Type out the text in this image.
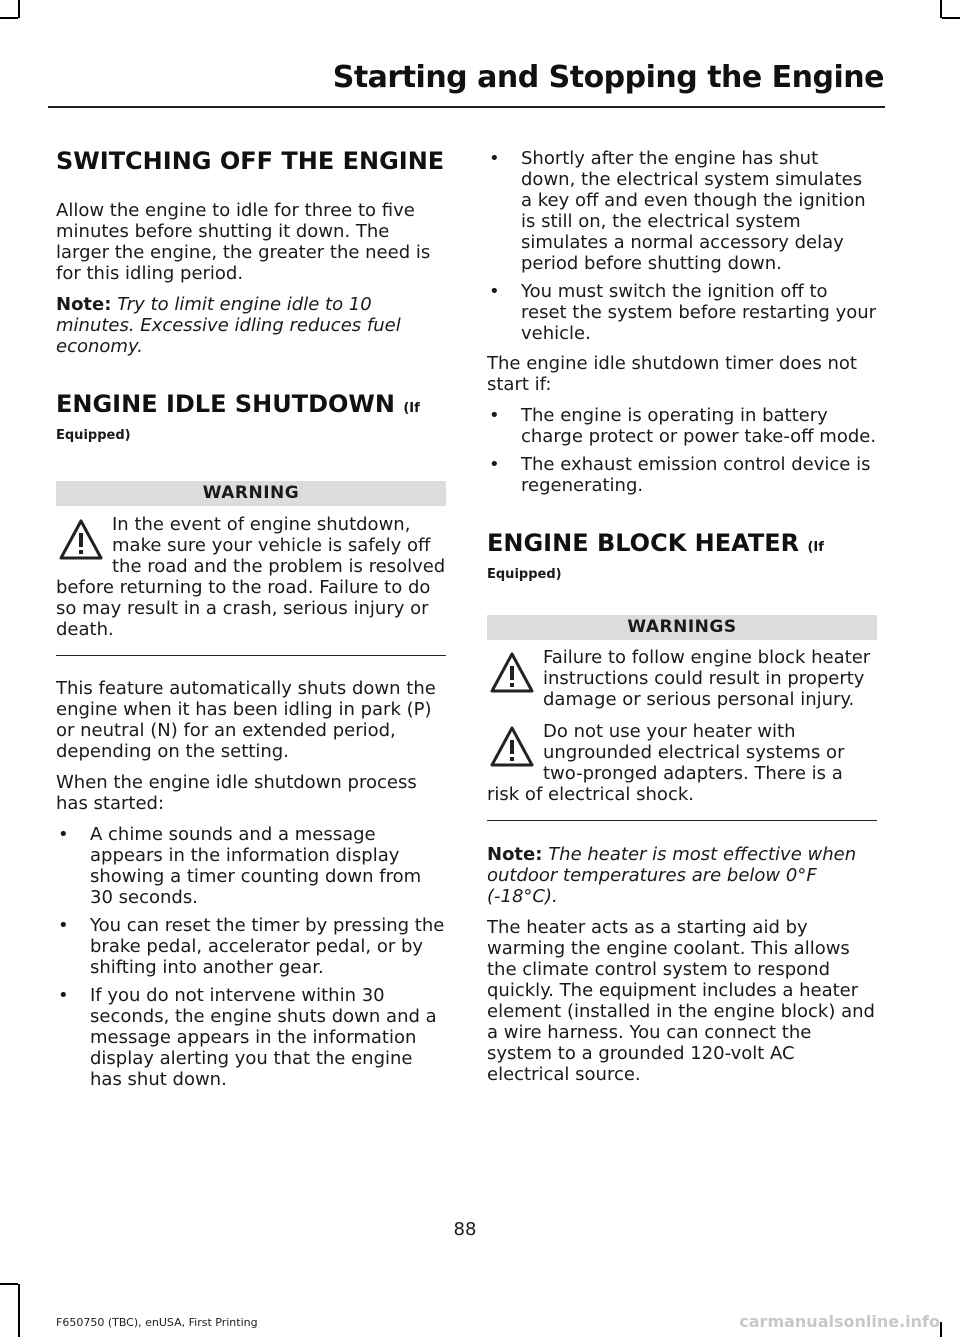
Starting and Stopping the Engine
SWITCHING OFF THE ENGINE

Allow the engine to idle for three to five minutes before shutting it down. The larger the engine, the greater the need is for this idling period.

Note: Try to limit engine idle to 10 minutes. Excessive idling reduces fuel economy.

ENGINE IDLE SHUTDOWN (If
Equipped)
WARNING
In the event of engine shutdown, make sure your vehicle is safely off the road and the problem is resolved before returning to the road. Failure to do so may result in a crash, serious injury or death.

This feature automatically shuts down the engine when it has been idling in park (P) or neutral (N) for an extended period, depending on the setting.

When the engine idle shutdown process has started:

• A chime sounds and a message appears in the information display showing a timer counting down from 30 seconds.
• You can reset the timer by pressing the brake pedal, accelerator pedal, or by shifting into another gear.
• If you do not intervene within 30 seconds, the engine shuts down and a message appears in the information display alerting you that the engine has shut down.
• Shortly after the engine has shut down, the electrical system simulates a key off and even though the ignition is still on, the electrical system simulates a normal accessory delay period before shutting down.
• You must switch the ignition off to reset the system before restarting your vehicle.

The engine idle shutdown timer does not start if:

• The engine is operating in battery charge protect or power take-off mode.
• The exhaust emission control device is regenerating.
ENGINE BLOCK HEATER (If
Equipped)
WARNINGS
Failure to follow engine block heater instructions could result in property damage or serious personal injury.
Do not use your heater with ungrounded electrical systems or two-pronged adapters. There is a risk of electrical shock.

Note: The heater is most effective when outdoor temperatures are below 0°F (-18°C).

The heater acts as a starting aid by warming the engine coolant. This allows the climate control system to respond quickly. The equipment includes a heater element (installed in the engine block) and a wire harness. You can connect the system to a grounded 120-volt AC electrical source.

88
F650750 (TBC), enUSA, First Printing	carmanualsonline.info
